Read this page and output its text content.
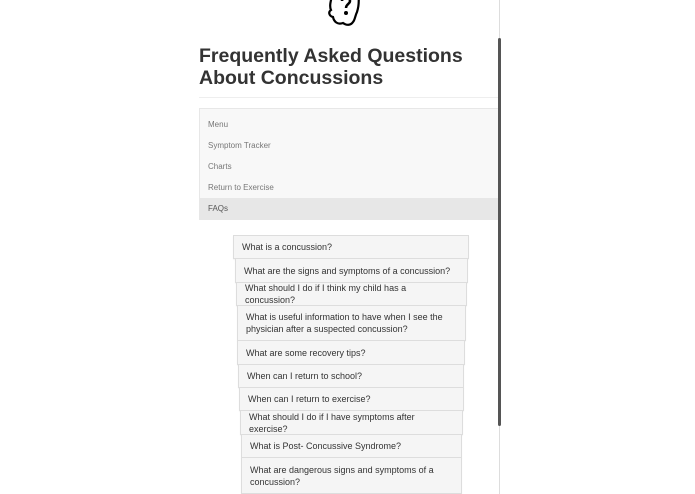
Frequently Asked Questions About Concussions
Menu
Symptom Tracker
Charts
Return to Exercise
FAQs
What is a concussion?
What are the signs and symptoms of a concussion?
What should I do if I think my child has a concussion?
What is useful information to have when I see the physician after a suspected concussion?
What are some recovery tips?
When can I return to school?
When can I return to exercise?
What should I do if I have symptoms after exercise?
What is Post- Concussive Syndrome?
What are dangerous signs and symptoms of a concussion?
